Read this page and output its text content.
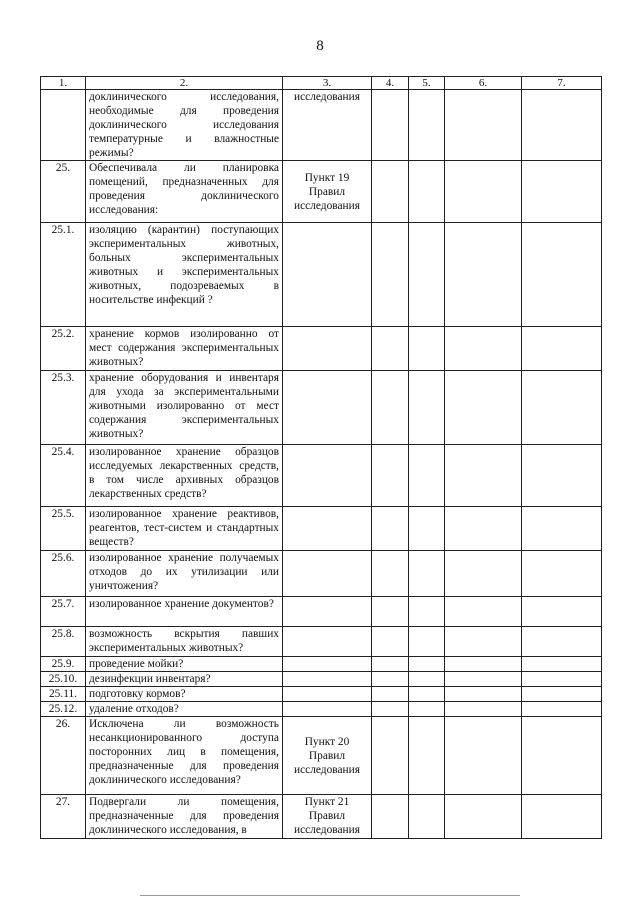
8
1.	2.	3.	4.	5.	6.	7.
	доклинического исследования, необходимые для проведения доклинического исследования температурные и влажностные режимы?	исследования				
25.	Обеспечивала ли планировка помещений, предназначенных для проведения доклинического исследования:	Пункт 19 Правил исследования				
25.1.	изоляцию (карантин) поступающих экспериментальных животных, больных экспериментальных животных и экспериментальных животных, подозреваемых в носительстве инфекций ?					
25.2.	хранение кормов изолированно от мест содержания экспериментальных животных?					
25.3.	хранение оборудования и инвентаря для ухода за экспериментальными животными изолированно от мест содержания экспериментальных животных?					
25.4.	изолированное хранение образцов исследуемых лекарственных средств, в том числе архивных образцов лекарственных средств?					
25.5.	изолированное хранение реактивов, реагентов, тест-систем и стандартных веществ?					
25.6.	изолированное хранение получаемых отходов до их утилизации или уничтожения?					
25.7.	изолированное хранение документов?					
25.8.	возможность вскрытия павших экспериментальных животных?					
25.9.	проведение мойки?					
25.10.	дезинфекции инвентаря?					
25.11.	подготовку кормов?					
25.12.	удаление отходов?					
26.	Исключена ли возможность несанкционированного доступа посторонних лиц в помещения, предназначенные для проведения доклинического исследования?	Пункт 20 Правил исследования				
27.	Подвергали ли помещения, предназначенные для проведения доклинического исследования, в	Пункт 21 Правил исследования				
